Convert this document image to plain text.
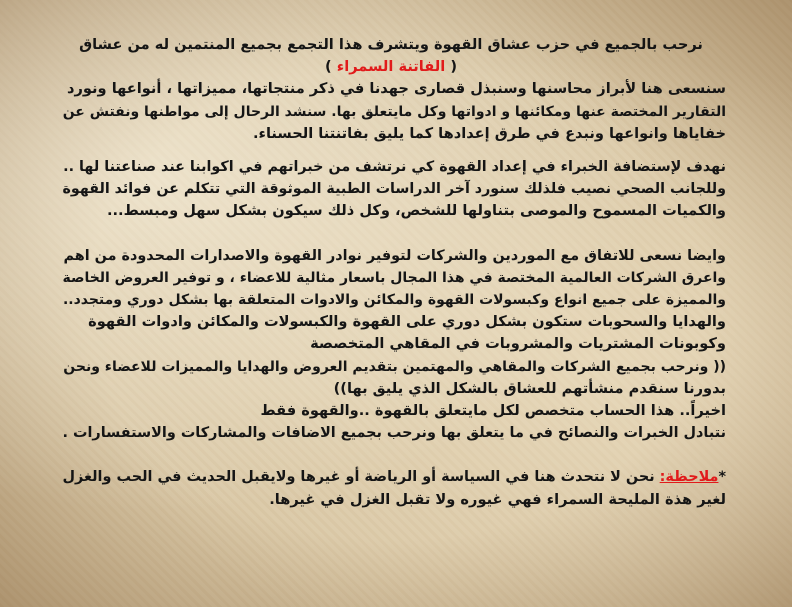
نرحب بالجميع في حزب عشاق القهوة ويتشرف هذا التجمع بجميع المنتمين له من عشاق
( الفاتنة السمراء )
سنسعى هنا لأبراز محاسنها وسنبذل قصارى جهدنا في ذكر منتجاتها، مميزاتها ، أنواعها ونورد
التقارير المختصة عنها ومكائنها و ادواتها وكل مايتعلق بها. سنشد الرحال إلى مواطنها ونفتش عن
خفاياها وانواعها ونبدع في طرق إعدادها كما يليق بفاتنتنا الحسناء.
نهدف لإستضافة الخبراء في إعداد القهوة كي نرتشف من خبراتهم في اكوابنا عند صناعتنا لها ..
وللجانب الصحي نصيب فلذلك سنورد آخر الدراسات الطبية الموثوقة التي تتكلم عن فوائد القهوة
والكميات المسموح والموصى بتناولها للشخص، وكل ذلك سيكون بشكل سهل ومبسط...
وايضا نسعى للاتفاق مع الموردين والشركات لتوفير نوادر القهوة والاصدارات المحدودة من اهم
واعرق الشركات العالمية المختصة في هذا المجال باسعار مثالية للاعضاء ، و توفير العروض الخاصة
والمميزة على جميع انواع وكبسولات القهوة والمكائن والادوات المتعلقة بها بشكل دوري ومتجدد..
والهدايا والسحوبات ستكون بشكل دوري على القهوة والكبسولات والمكائن وادوات القهوة
وكوبونات المشتريات والمشروبات في المقاهي المتخصصة
(( ونرحب بجميع الشركات والمقاهي والمهتمين بتقديم العروض والهدايا والمميزات للاعضاء ونحن
بدورنا سنقدم منشأتهم للعشاق بالشكل الذي يليق بها))
اخيراً.. هذا الحساب متخصص لكل مايتعلق بالقهوة ..والقهوة فقط
نتبادل الخبرات والنصائح في ما يتعلق بها ونرحب بجميع الاضافات والمشاركات والاستفسارات .
*ملاحظة: نحن لا نتحدث هنا في السياسة أو الرياضة أو غيرها ولايقبل الحديث في الحب والغزل
لغير هذة المليحة السمراء فهي غيوره ولا تقبل الغزل في غيرها.
